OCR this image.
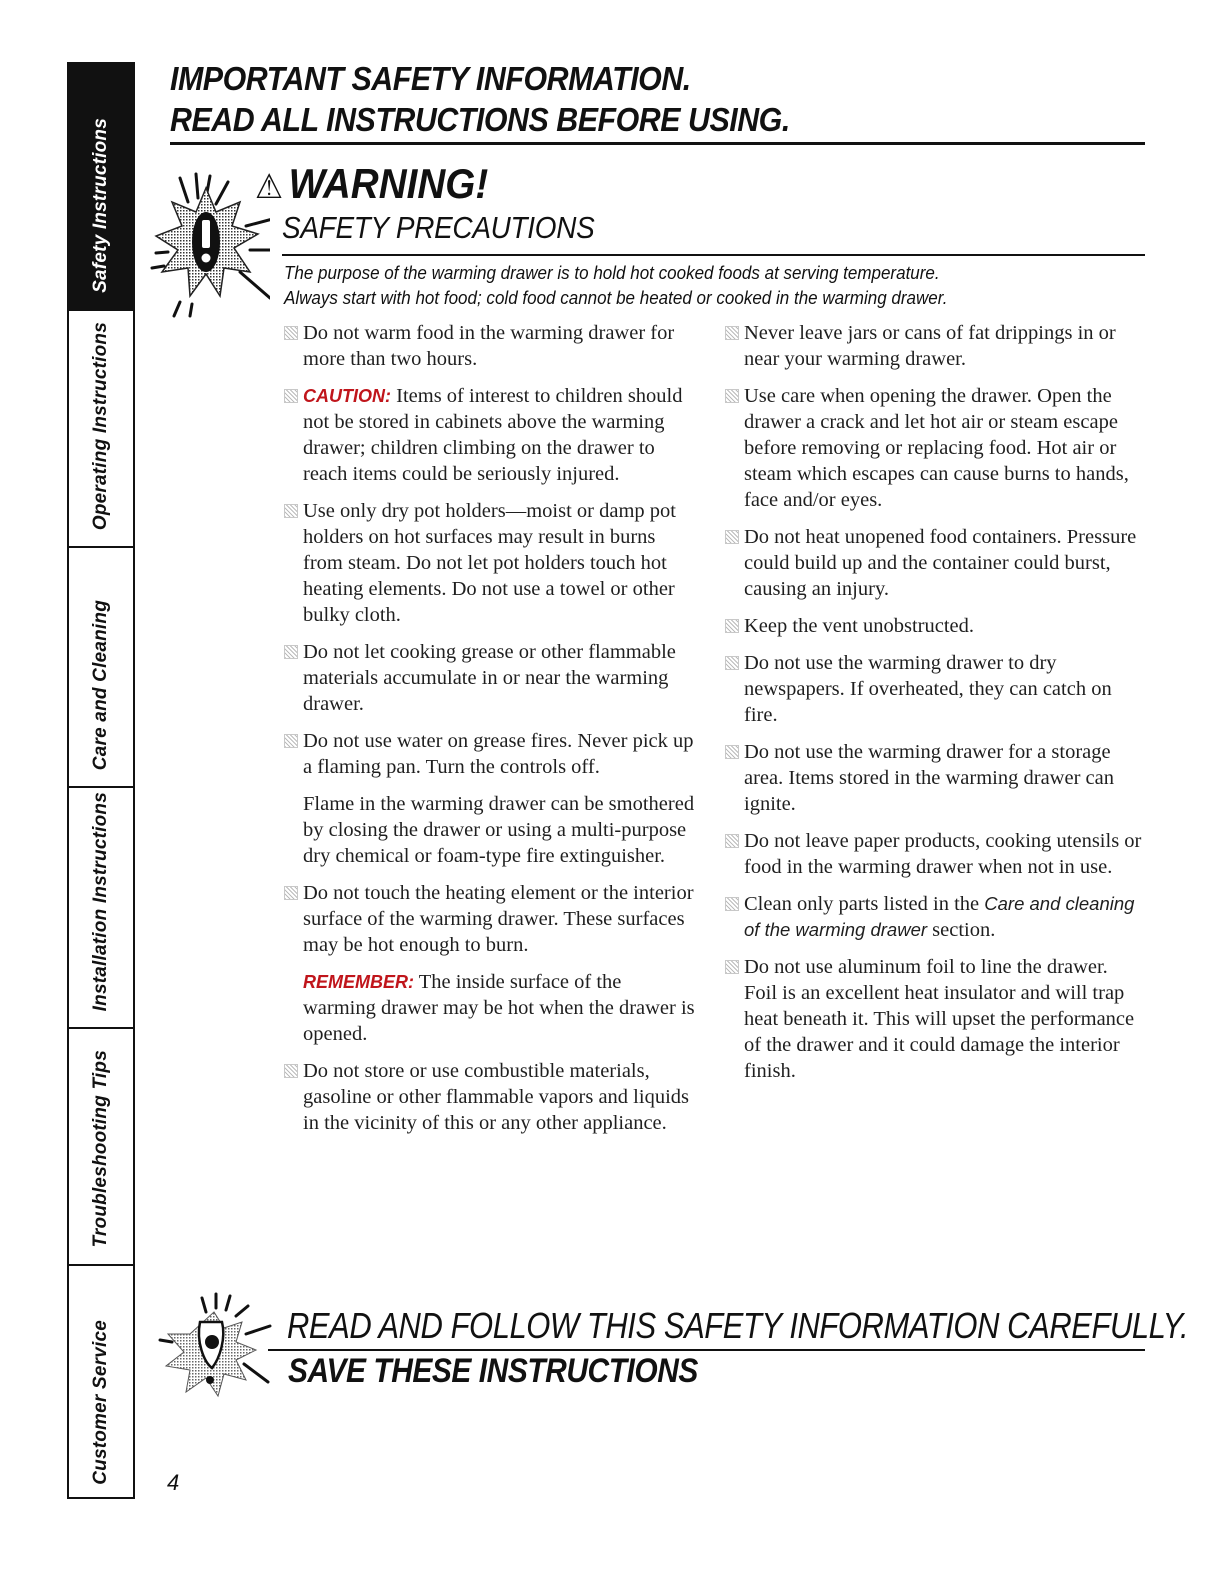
Safety Instructions
Operating Instructions
Care and Cleaning
Installation Instructions
Troubleshooting Tips
Customer Service
IMPORTANT SAFETY INFORMATION.
READ ALL INSTRUCTIONS BEFORE USING.
⚠ WARNING!
SAFETY PRECAUTIONS
The purpose of the warming drawer is to hold hot cooked foods at serving temperature.
Always start with hot food; cold food cannot be heated or cooked in the warming drawer.
Do not warm food in the warming drawer for more than two hours.
CAUTION: Items of interest to children should not be stored in cabinets above the warming drawer; children climbing on the drawer to reach items could be seriously injured.
Use only dry pot holders—moist or damp pot holders on hot surfaces may result in burns from steam. Do not let pot holders touch hot heating elements. Do not use a towel or other bulky cloth.
Do not let cooking grease or other flammable materials accumulate in or near the warming drawer.
Do not use water on grease fires. Never pick up a flaming pan. Turn the controls off.
Flame in the warming drawer can be smothered by closing the drawer or using a multi-purpose dry chemical or foam-type fire extinguisher.
Do not touch the heating element or the interior surface of the warming drawer. These surfaces may be hot enough to burn.
REMEMBER: The inside surface of the warming drawer may be hot when the drawer is opened.
Do not store or use combustible materials, gasoline or other flammable vapors and liquids in the vicinity of this or any other appliance.
Never leave jars or cans of fat drippings in or near your warming drawer.
Use care when opening the drawer. Open the drawer a crack and let hot air or steam escape before removing or replacing food. Hot air or steam which escapes can cause burns to hands, face and/or eyes.
Do not heat unopened food containers. Pressure could build up and the container could burst, causing an injury.
Keep the vent unobstructed.
Do not use the warming drawer to dry newspapers. If overheated, they can catch on fire.
Do not use the warming drawer for a storage area. Items stored in the warming drawer can ignite.
Do not leave paper products, cooking utensils or food in the warming drawer when not in use.
Clean only parts listed in the Care and cleaning of the warming drawer section.
Do not use aluminum foil to line the drawer. Foil is an excellent heat insulator and will trap heat beneath it. This will upset the performance of the drawer and it could damage the interior finish.
READ AND FOLLOW THIS SAFETY INFORMATION CAREFULLY.
SAVE THESE INSTRUCTIONS
4
